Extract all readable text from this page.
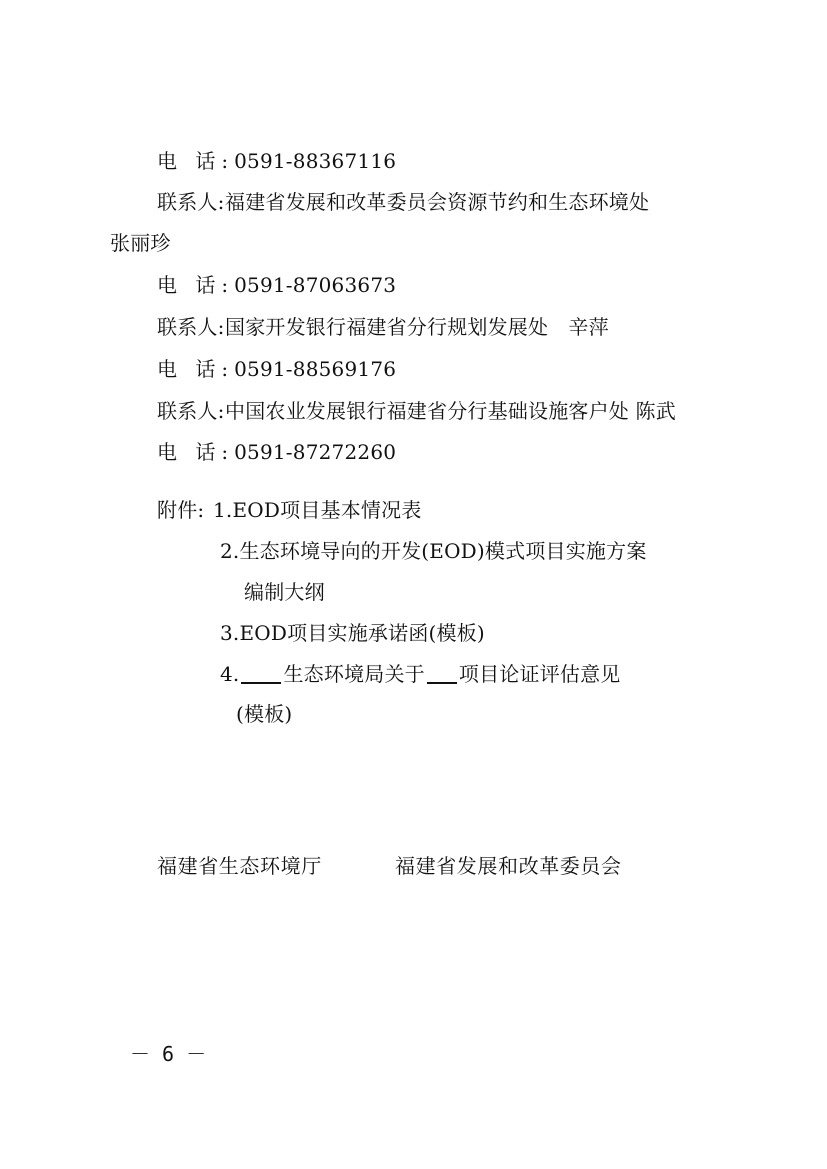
电 话:0591-88367116
联系人:福建省发展和改革委员会资源节约和生态环境处
张丽珍
电 话:0591-87063673
联系人:国家开发银行福建省分行规划发展处　辛萍
电 话:0591-88569176
联系人:中国农业发展银行福建省分行基础设施客户处 陈武
电 话:0591-87272260
附件: 1.EOD项目基本情况表
2.生态环境导向的开发(EOD)模式项目实施方案
编制大纲
3.EOD项目实施承诺函(模板)
4. 生态环境局关于 项目论证评估意见
(模板)
福建省生态环境厅	福建省发展和改革委员会
－ 6 －
